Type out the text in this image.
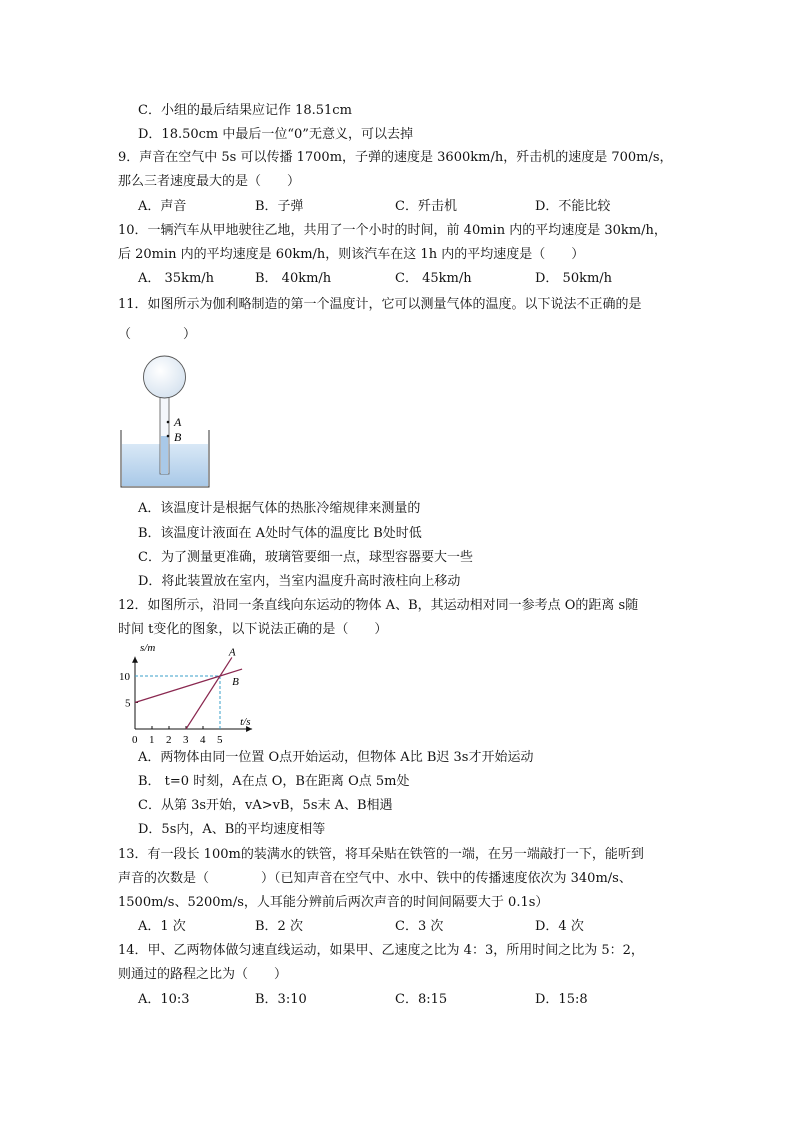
C．小组的最后结果应记作 18.51cm
D．18.50cm 中最后一位“0”无意义，可以去掉
9．声音在空气中 5s 可以传播 1700m，子弹的速度是 3600km/h，歼击机的速度是 700m/s，
那么三者速度最大的是（　　）
A．声音	B．子弹	C．歼击机	D．不能比较
10．一辆汽车从甲地驶往乙地，共用了一个小时的时间，前 40min 内的平均速度是 30km/h，
后 20min 内的平均速度是 60km/h，则该汽车在这 1h 内的平均速度是（　　）
A． 35km/h	B． 40km/h	C． 45km/h	D． 50km/h
11．如图所示为伽利略制造的第一个温度计，它可以测量气体的温度。以下说法不正确的是
（　　　　）
A
B
A．该温度计是根据气体的热胀冷缩规律来测量的
B．该温度计液面在 A处时气体的温度比 B处时低
C．为了测量更准确，玻璃管要细一点，球型容器要大一些
D．将此装置放在室内，当室内温度升高时液柱向上移动
12．如图所示，沿同一条直线向东运动的物体 A、B，其运动相对同一参考点 O的距离 s随
时间 t变化的图象，以下说法正确的是（　　）
s/m
t/s
0 1 2 3 4 5
5
10
A
B
A．两物体由同一位置 O点开始运动，但物体 A比 B迟 3s才开始运动
B． t=0 时刻，A在点 O，B在距离 O点 5m处
C．从第 3s开始，vA>vB，5s末 A、B相遇
D．5s内，A、B的平均速度相等
13．有一段长 100m的装满水的铁管，将耳朵贴在铁管的一端，在另一端敲打一下，能听到
声音的次数是（　　　　）（已知声音在空气中、水中、铁中的传播速度依次为 340m/s、
1500m/s、5200m/s，人耳能分辨前后两次声音的时间间隔要大于 0.1s）
A．1 次	B．2 次	C．3 次	D．4 次
14．甲、乙两物体做匀速直线运动，如果甲、乙速度之比为 4：3，所用时间之比为 5：2，
则通过的路程之比为（　　）
A．10:3	B．3:10	C．8:15	D．15:8
